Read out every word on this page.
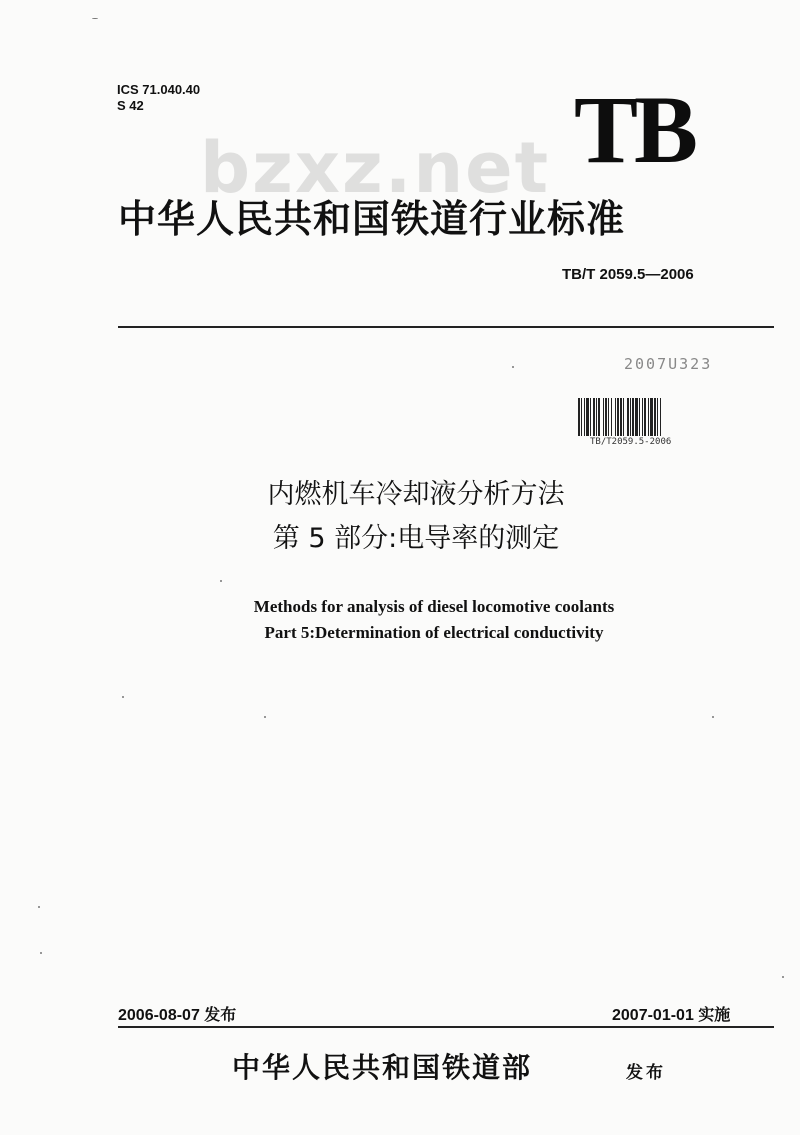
ICS 71.040.40
S 42
bzxz.net TB
中华人民共和国铁道行业标准
TB/T 2059.5—2006
2007U323
TB/T2059.5-2006
内燃机车冷却液分析方法
第 5 部分:电导率的测定
Methods for analysis of diesel locomotive coolants
Part 5:Determination of electrical conductivity
2006-08-07 发布	2007-01-01 实施
中华人民共和国铁道部	发布
